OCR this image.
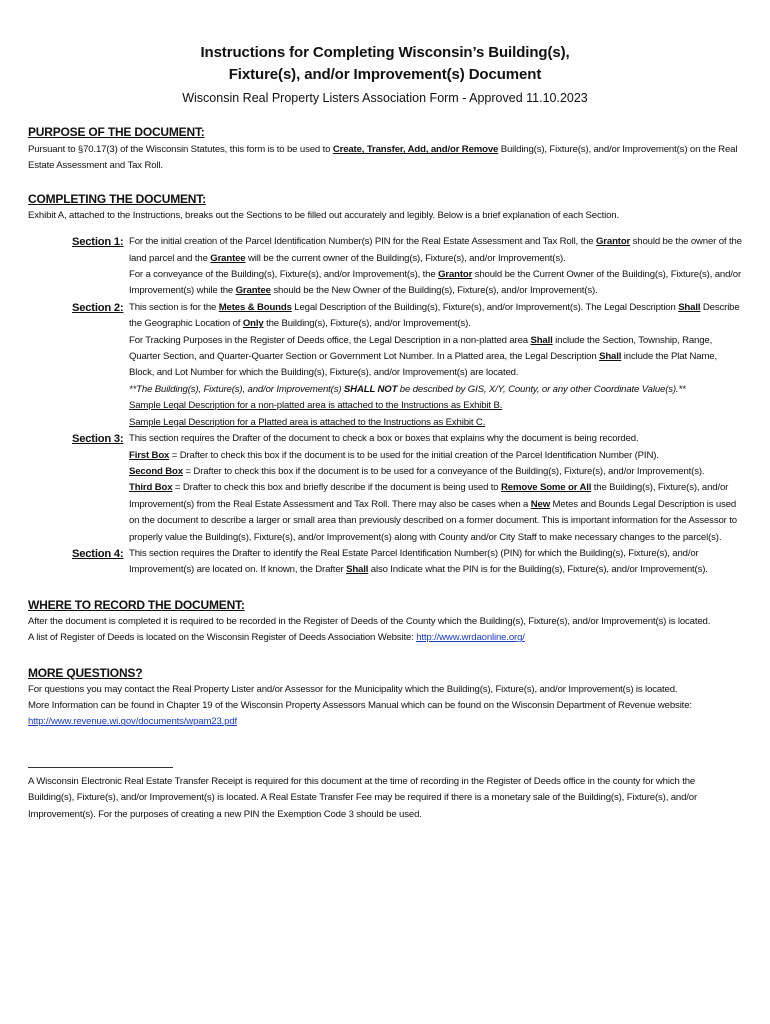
Instructions for Completing Wisconsin’s Building(s),
Fixture(s), and/or Improvement(s) Document
Wisconsin Real Property Listers Association Form - Approved 11.10.2023
PURPOSE OF THE DOCUMENT:

Pursuant to §70.17(3) of the Wisconsin Statutes, this form is to be used to Create, Transfer, Add, and/or Remove Building(s), Fixture(s), and/or Improvement(s) on the Real Estate Assessment and Tax Roll.

COMPLETING THE DOCUMENT:

Exhibit A, attached to the Instructions, breaks out the Sections to be filled out accurately and legibly. Below is a brief explanation of each Section.

Section 1: For the initial creation of the Parcel Identification Number(s) PIN for the Real Estate Assessment and Tax Roll, the Grantor should be the owner of the land parcel and the Grantee will be the current owner of the Building(s), Fixture(s), and/or Improvement(s).
For a conveyance of the Building(s), Fixture(s), and/or Improvement(s), the Grantor should be the Current Owner of the Building(s), Fixture(s), and/or Improvement(s) while the Grantee should be the New Owner of the Building(s), Fixture(s), and/or Improvement(s).
Section 2: This section is for the Metes & Bounds Legal Description of the Building(s), Fixture(s), and/or Improvement(s). The Legal Description Shall Describe the Geographic Location of Only the Building(s), Fixture(s), and/or Improvement(s).
For Tracking Purposes in the Register of Deeds office, the Legal Description in a non-platted area Shall include the Section, Township, Range, Quarter Section, and Quarter-Quarter Section or Government Lot Number. In a Platted area, the Legal Description Shall include the Plat Name, Block, and Lot Number for which the Building(s), Fixture(s), and/or Improvement(s) are located.
**The Building(s), Fixture(s), and/or Improvement(s) SHALL NOT be described by GIS, X/Y, County, or any other Coordinate Value(s).**
Sample Legal Description for a non-platted area is attached to the Instructions as Exhibit B.
Sample Legal Description for a Platted area is attached to the Instructions as Exhibit C.
Section 3: This section requires the Drafter of the document to check a box or boxes that explains why the document is being recorded.
First Box = Drafter to check this box if the document is to be used for the initial creation of the Parcel Identification Number (PIN).
Second Box = Drafter to check this box if the document is to be used for a conveyance of the Building(s), Fixture(s), and/or Improvement(s).
Third Box = Drafter to check this box and briefly describe if the document is being used to Remove Some or All the Building(s), Fixture(s), and/or Improvement(s) from the Real Estate Assessment and Tax Roll. There may also be cases when a New Metes and Bounds Legal Description is used on the document to describe a larger or small area than previously described on a former document. This is important information for the Assessor to properly value the Building(s), Fixture(s), and/or Improvement(s) along with County and/or City Staff to make necessary changes to the parcel(s).
Section 4: This section requires the Drafter to identify the Real Estate Parcel Identification Number(s) (PIN) for which the Building(s), Fixture(s), and/or Improvement(s) are located on. If known, the Drafter Shall also Indicate what the PIN is for the Building(s), Fixture(s), and/or Improvement(s).
WHERE TO RECORD THE DOCUMENT:

After the document is completed it is required to be recorded in the Register of Deeds of the County which the Building(s), Fixture(s), and/or Improvement(s) is located.

A list of Register of Deeds is located on the Wisconsin Register of Deeds Association Website: http://www.wrdaonline.org/

MORE QUESTIONS?

For questions you may contact the Real Property Lister and/or Assessor for the Municipality which the Building(s), Fixture(s), and/or Improvement(s) is located.

More Information can be found in Chapter 19 of the Wisconsin Property Assessors Manual which can be found on the Wisconsin Department of Revenue website: http://www.revenue.wi.gov/documents/wpam23.pdf

A Wisconsin Electronic Real Estate Transfer Receipt is required for this document at the time of recording in the Register of Deeds office in the county for which the Building(s), Fixture(s), and/or Improvement(s) is located. A Real Estate Transfer Fee may be required if there is a monetary sale of the Building(s), Fixture(s), and/or Improvement(s). For the purposes of creating a new PIN the Exemption Code 3 should be used.
